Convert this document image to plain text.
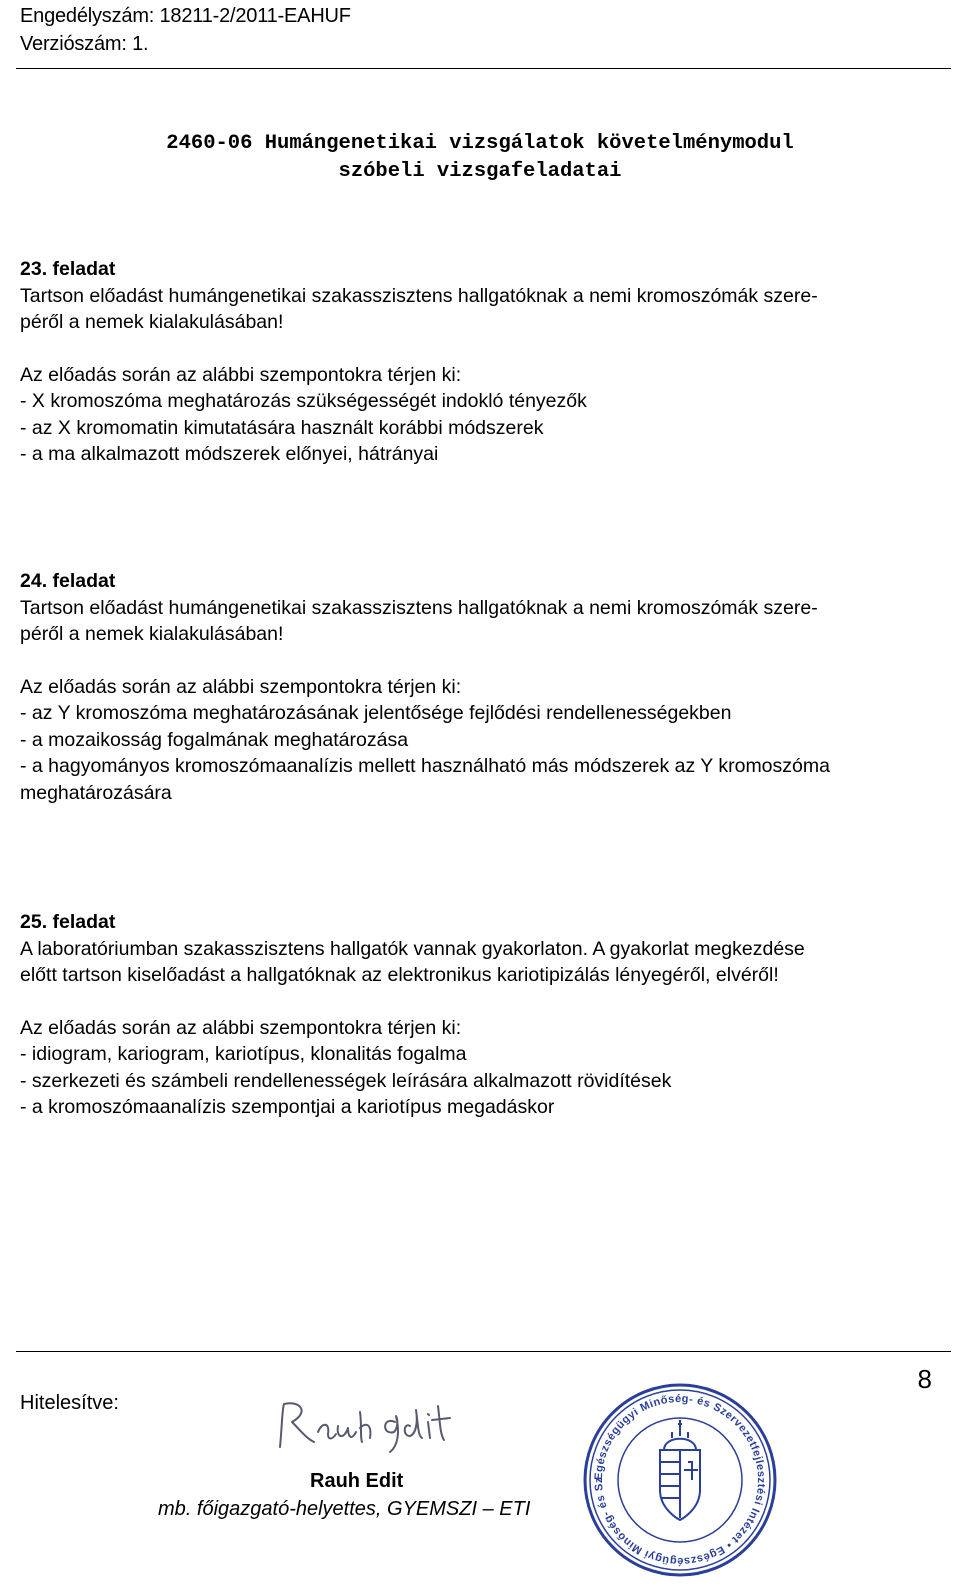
Engedélyszám: 18211-2/2011-EAHUF
Verziószám: 1.
2460-06 Humángenetikai vizsgálatok követelménymodul
szóbeli vizsgafeladatai
23. feladat
Tartson előadást humángenetikai szakasszisztens hallgatóknak a nemi kromoszómák szere-
péről a nemek kialakulásában!
Az előadás során az alábbi szempontokra térjen ki:
- X kromoszóma meghatározás szükségességét indokló tényezők
- az X kromomatin kimutatására használt korábbi módszerek
- a ma alkalmazott módszerek előnyei, hátrányai
24. feladat
Tartson előadást humángenetikai szakasszisztens hallgatóknak a nemi kromoszómák szere-
péről a nemek kialakulásában!
Az előadás során az alábbi szempontokra térjen ki:
- az Y kromoszóma meghatározásának jelentősége fejlődési rendellenességekben
- a mozaikosság fogalmának meghatározása
- a hagyományos kromoszómaanalízis mellett használható más módszerek az Y kromoszóma
meghatározására
25. feladat
A laboratóriumban szakasszisztens hallgatók vannak gyakorlaton. A gyakorlat megkezdése
előtt tartson kiselőadást a hallgatóknak az elektronikus kariotipizálás lényegéről, elvéről!
Az előadás során az alábbi szempontokra térjen ki:
- idiogram, kariogram, kariotípus, klonalitás fogalma
- szerkezeti és számbeli rendellenességek leírására alkalmazott rövidítések
- a kromoszómaanalízis szempontjai a kariotípus megadáskor
8
Hitelesítve:
Rauh Edit
mb. főigazgató-helyettes, GYEMSZI – ETI
Egészségügyi Minőség- és Szervezetfejlesztési Intézet • Egészségügyi Minőség- és Sz
